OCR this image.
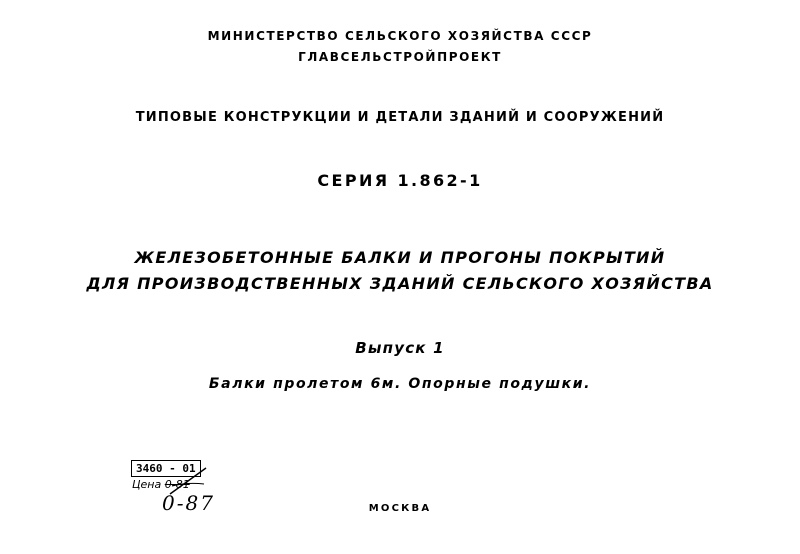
МИНИСТЕРСТВО СЕЛЬСКОГО ХОЗЯЙСТВА СССР
ГЛАВСЕЛЬСТРОЙПРОЕКТ
ТИПОВЫЕ КОНСТРУКЦИИ И ДЕТАЛИ ЗДАНИЙ И СООРУЖЕНИЙ
СЕРИЯ 1.862-1
ЖЕЛЕЗОБЕТОННЫЕ БАЛКИ И ПРОГОНЫ ПОКРЫТИЙ
ДЛЯ ПРОИЗВОДСТВЕННЫХ ЗДАНИЙ СЕЛЬСКОГО ХОЗЯЙСТВА
Выпуск 1
Балки пролетом 6м. Опорные подушки.
3460 - 01
Цена 0-81
0-87	МОСКВА
